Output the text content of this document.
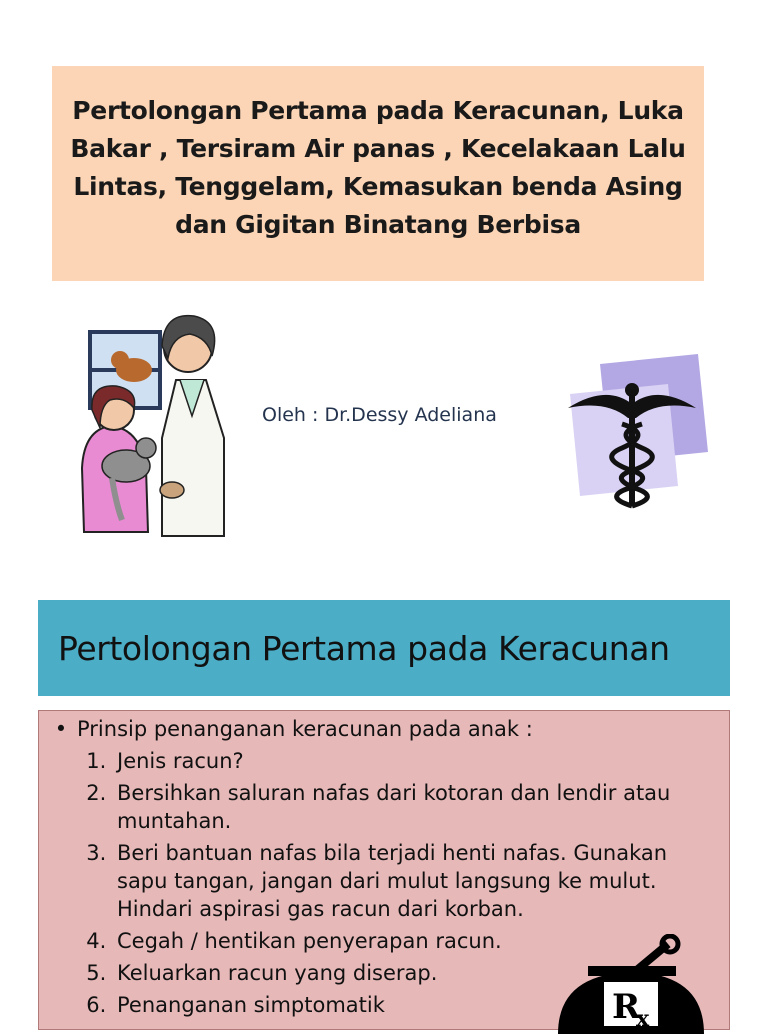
Pertolongan Pertama pada Keracunan, Luka Bakar , Tersiram Air panas , Kecelakaan Lalu Lintas, Tenggelam, Kemasukan benda Asing dan Gigitan Binatang Berbisa
Oleh : Dr.Dessy Adeliana
Pertolongan Pertama pada Keracunan
• Prinsip penanganan keracunan pada anak :
1. Jenis racun?
2. Bersihkan saluran nafas dari kotoran dan lendir atau muntahan.
3. Beri bantuan nafas bila terjadi henti nafas. Gunakan sapu tangan, jangan dari mulut langsung ke mulut. Hindari aspirasi gas racun dari korban.
4. Cegah / hentikan penyerapan racun.
5. Keluarkan racun yang diserap.
6. Penanganan simptomatik	R
x
